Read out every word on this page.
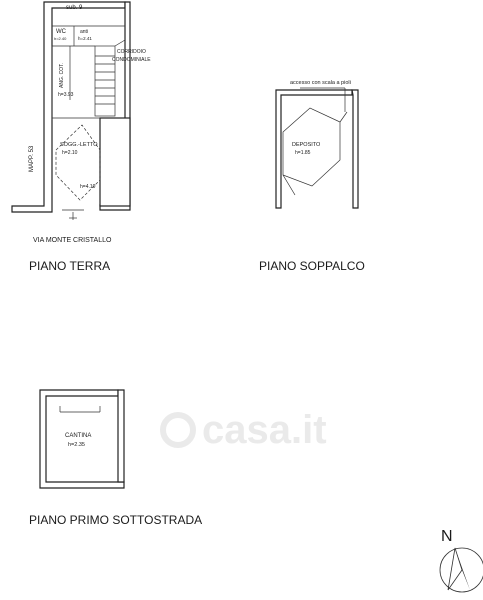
sub. 9
WC
h=2.40
anti
h=2.41
CORRIDOIO
CONDOMINIALE
ANG. COT.
h=3.93
SOGG.-LETTO
h=2.10
h=4.10
MAPP. 53
VIA MONTE CRISTALLO
accesso con scala a pioli
DEPOSITO
h=1.85
CANTINA
h=2.35
PIANO TERRA	PIANO SOPPALCO
PIANO PRIMO SOTTOSTRADA
N
casa.it
